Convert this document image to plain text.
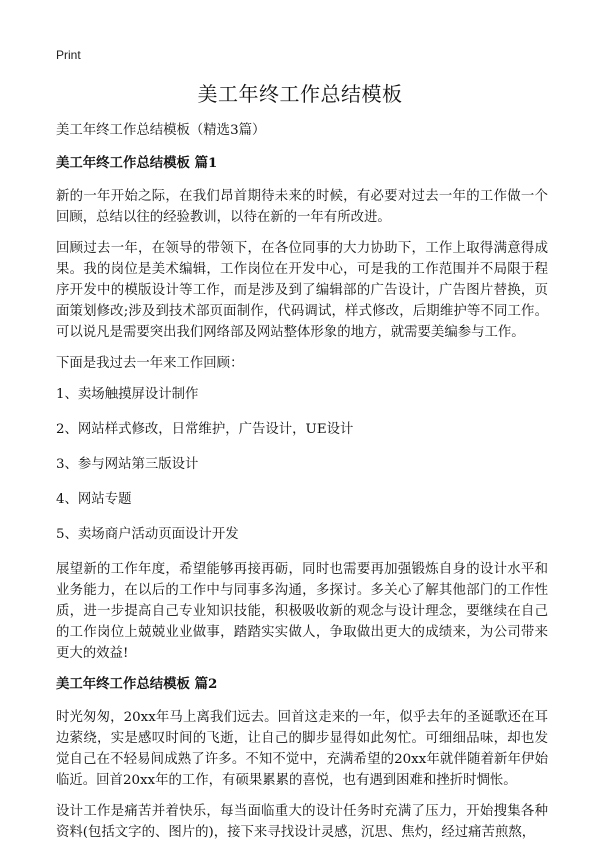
Print
美工年终工作总结模板

美工年终工作总结模板（精选3篇）

美工年终工作总结模板 篇1

新的一年开始之际，在我们昂首期待未来的时候，有必要对过去一年的工作做一个回顾，总结以往的经验教训，以待在新的一年有所改进。

回顾过去一年，在领导的带领下，在各位同事的大力协助下，工作上取得满意得成果。我的岗位是美术编辑，工作岗位在开发中心，可是我的工作范围并不局限于程序开发中的模版设计等工作，而是涉及到了编辑部的广告设计，广告图片替换，页面策划修改;涉及到技术部页面制作，代码调试，样式修改，后期维护等不同工作。可以说凡是需要突出我们网络部及网站整体形象的地方，就需要美编参与工作。

下面是我过去一年来工作回顾：

1、卖场触摸屏设计制作

2、网站样式修改，日常维护，广告设计，UE设计

3、参与网站第三版设计

4、网站专题

5、卖场商户活动页面设计开发

展望新的工作年度，希望能够再接再砺，同时也需要再加强锻炼自身的设计水平和业务能力，在以后的工作中与同事多沟通，多探讨。多关心了解其他部门的工作性质，进一步提高自己专业知识技能，积极吸收新的观念与设计理念，要继续在自己的工作岗位上兢兢业业做事，踏踏实实做人，争取做出更大的成绩来，为公司带来更大的效益!

美工年终工作总结模板 篇2

时光匆匆，20xx年马上离我们远去。回首这走来的一年，似乎去年的圣诞歌还在耳边萦绕，实是感叹时间的飞逝，让自己的脚步显得如此匆忙。可细细品味，却也发觉自己在不轻易间成熟了许多。不知不觉中，充满希望的20xx年就伴随着新年伊始临近。回首20xx年的工作，有硕果累累的喜悦，也有遇到困难和挫折时惆怅。

设计工作是痛苦并着快乐，每当面临重大的设计任务时充满了压力，开始搜集各种资料(包括文字的、图片的)，接下来寻找设计灵感，沉思、焦灼，经过痛苦煎熬，
